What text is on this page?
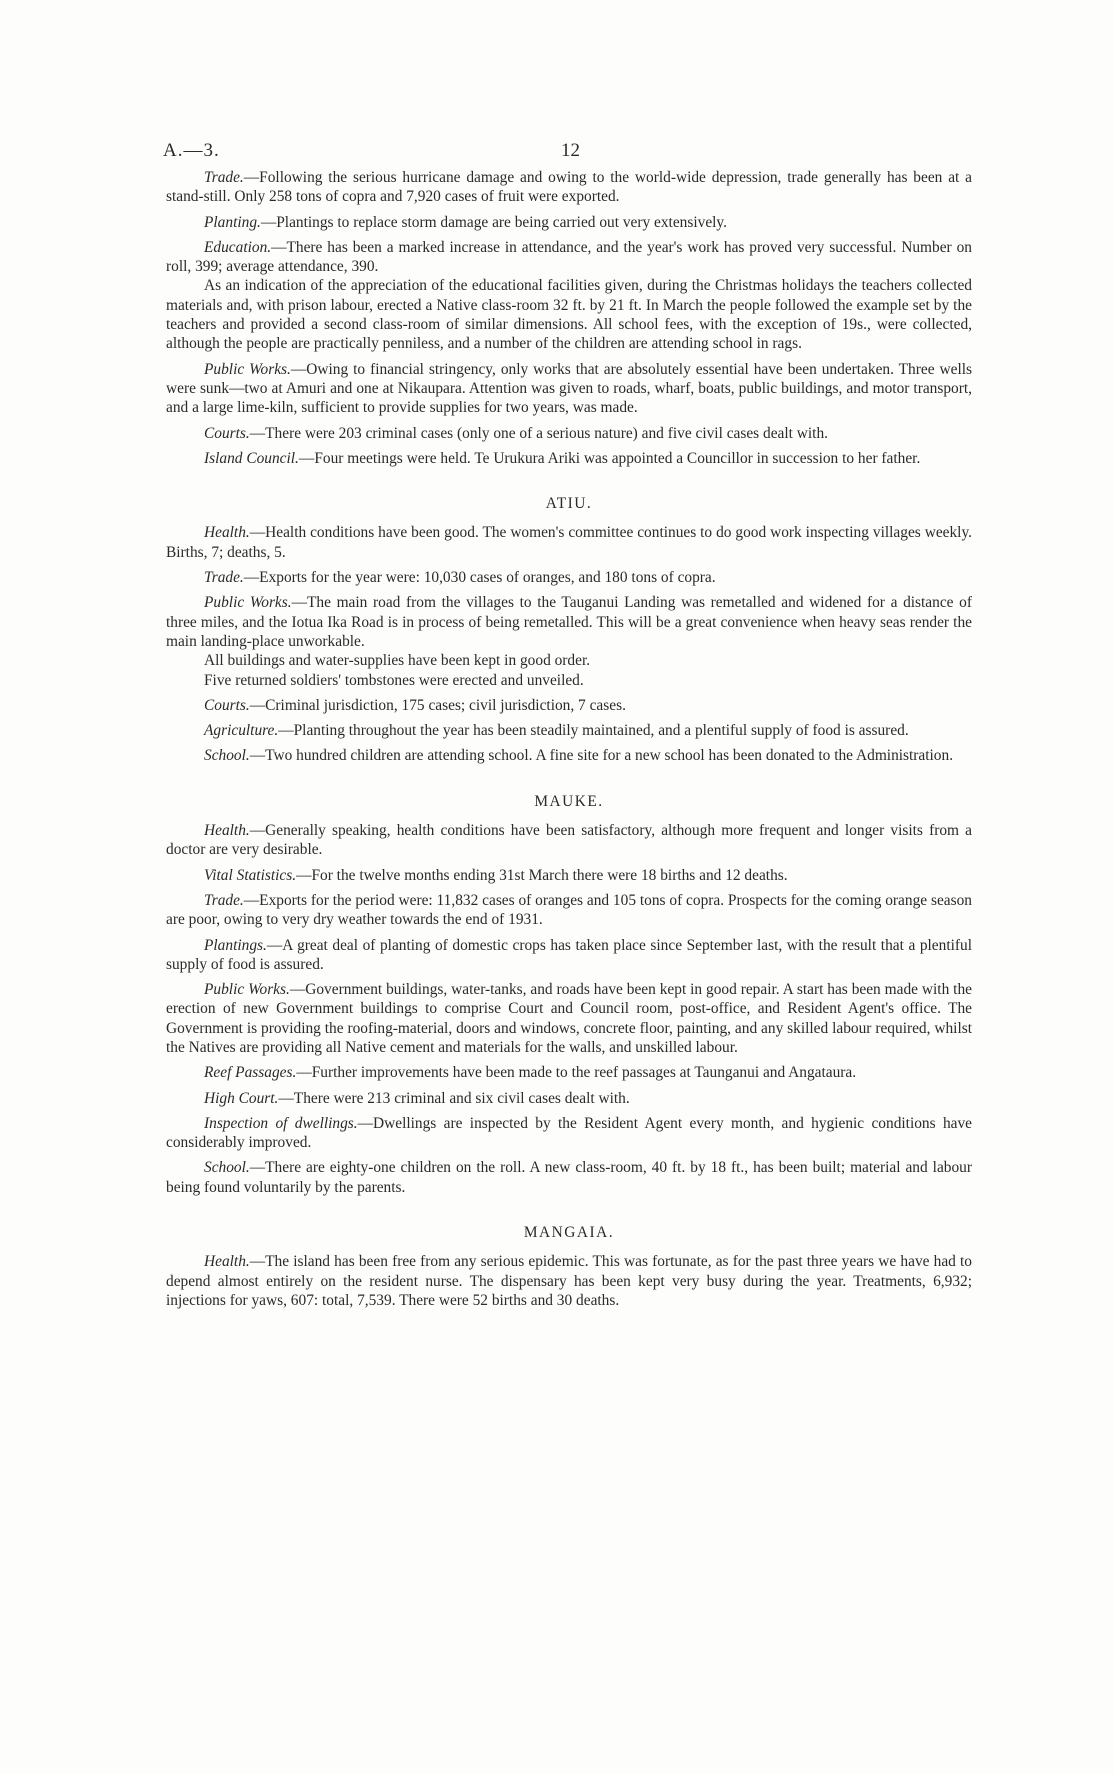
A.—3.	12

Trade.—Following the serious hurricane damage and owing to the world-wide depression, trade generally has been at a stand-still. Only 258 tons of copra and 7,920 cases of fruit were exported.

Planting.—Plantings to replace storm damage are being carried out very extensively.

Education.—There has been a marked increase in attendance, and the year's work has proved very successful. Number on roll, 399; average attendance, 390.

As an indication of the appreciation of the educational facilities given, during the Christmas holidays the teachers collected materials and, with prison labour, erected a Native class-room 32 ft. by 21 ft. In March the people followed the example set by the teachers and provided a second class-room of similar dimensions. All school fees, with the exception of 19s., were collected, although the people are practically penniless, and a number of the children are attending school in rags.

Public Works.—Owing to financial stringency, only works that are absolutely essential have been undertaken. Three wells were sunk—two at Amuri and one at Nikaupara. Attention was given to roads, wharf, boats, public buildings, and motor transport, and a large lime-kiln, sufficient to provide supplies for two years, was made.

Courts.—There were 203 criminal cases (only one of a serious nature) and five civil cases dealt with.

Island Council.—Four meetings were held. Te Urukura Ariki was appointed a Councillor in succession to her father.

ATIU.

Health.—Health conditions have been good. The women's committee continues to do good work inspecting villages weekly. Births, 7; deaths, 5.

Trade.—Exports for the year were: 10,030 cases of oranges, and 180 tons of copra.

Public Works.—The main road from the villages to the Tauganui Landing was remetalled and widened for a distance of three miles, and the Iotua Ika Road is in process of being remetalled. This will be a great convenience when heavy seas render the main landing-place unworkable.

All buildings and water-supplies have been kept in good order.

Five returned soldiers' tombstones were erected and unveiled.

Courts.—Criminal jurisdiction, 175 cases; civil jurisdiction, 7 cases.

Agriculture.—Planting throughout the year has been steadily maintained, and a plentiful supply of food is assured.

School.—Two hundred children are attending school. A fine site for a new school has been donated to the Administration.

MAUKE.

Health.—Generally speaking, health conditions have been satisfactory, although more frequent and longer visits from a doctor are very desirable.

Vital Statistics.—For the twelve months ending 31st March there were 18 births and 12 deaths.

Trade.—Exports for the period were: 11,832 cases of oranges and 105 tons of copra. Prospects for the coming orange season are poor, owing to very dry weather towards the end of 1931.

Plantings.—A great deal of planting of domestic crops has taken place since September last, with the result that a plentiful supply of food is assured.

Public Works.—Government buildings, water-tanks, and roads have been kept in good repair. A start has been made with the erection of new Government buildings to comprise Court and Council room, post-office, and Resident Agent's office. The Government is providing the roofing-material, doors and windows, concrete floor, painting, and any skilled labour required, whilst the Natives are providing all Native cement and materials for the walls, and unskilled labour.

Reef Passages.—Further improvements have been made to the reef passages at Taunganui and Angataura.

High Court.—There were 213 criminal and six civil cases dealt with.

Inspection of dwellings.—Dwellings are inspected by the Resident Agent every month, and hygienic conditions have considerably improved.

School.—There are eighty-one children on the roll. A new class-room, 40 ft. by 18 ft., has been built; material and labour being found voluntarily by the parents.

MANGAIA.

Health.—The island has been free from any serious epidemic. This was fortunate, as for the past three years we have had to depend almost entirely on the resident nurse. The dispensary has been kept very busy during the year. Treatments, 6,932; injections for yaws, 607: total, 7,539. There were 52 births and 30 deaths.
